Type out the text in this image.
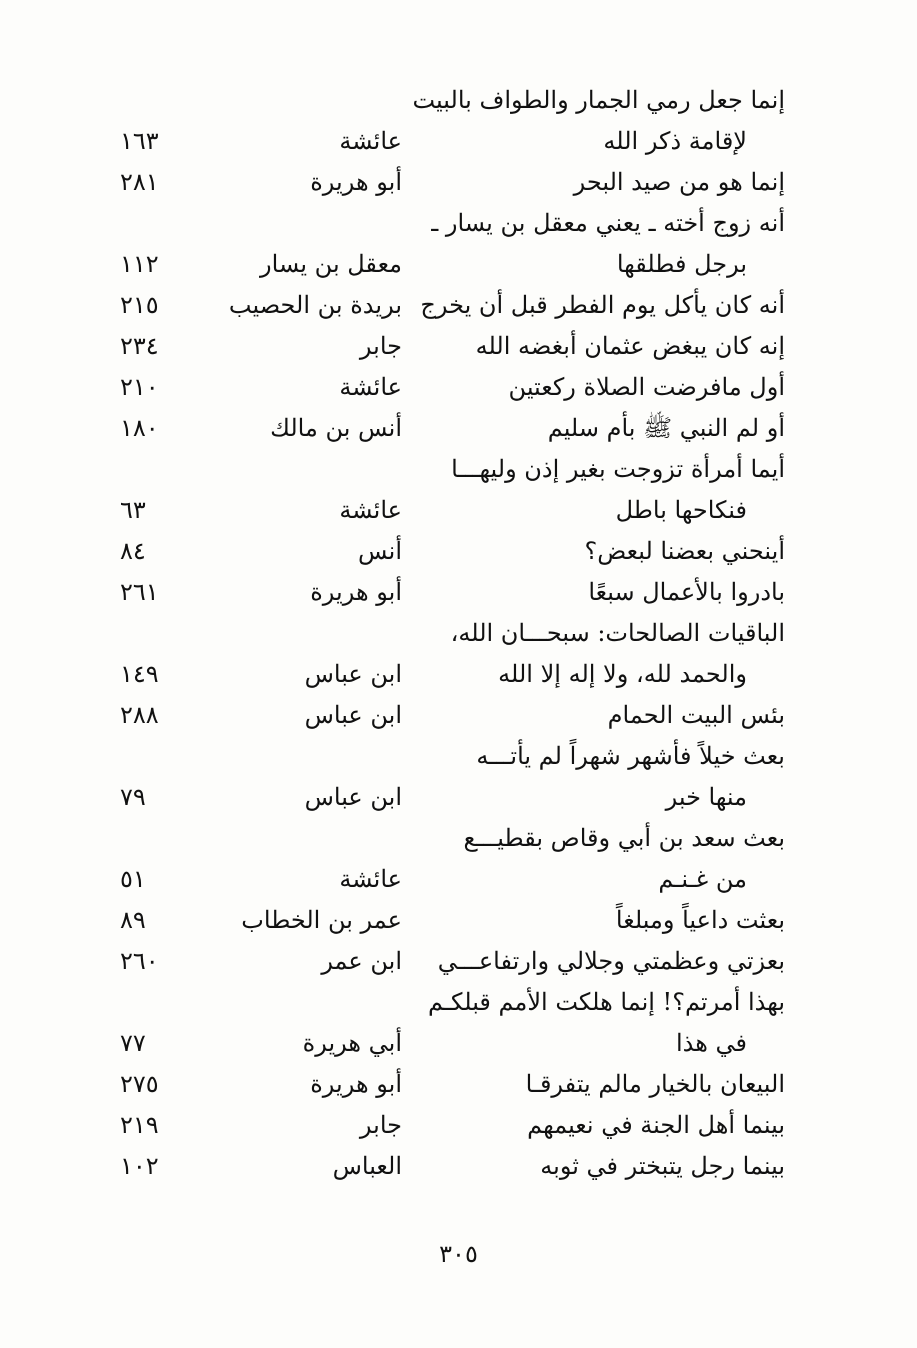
إنما جعل رمي الجمار والطواف بالبيت
لإقامة ذكر الله
عائشة
١٦٣
إنما هو من صيد البحر
أبو هريرة
٢٨١
أنه زوج أخته ـ يعني معقل بن يسار ـ
برجل فطلقها
معقل بن يسار
١١٢
أنه كان يأكل يوم الفطر قبل أن يخرج
بريدة بن الحصيب
٢١٥
إنه كان يبغض عثمان أبغضه الله
جابر
٢٣٤
أول مافرضت الصلاة ركعتين
عائشة
٢١٠
أو لم النبي ﷺ بأم سليم
أنس بن مالك
١٨٠
أيما أمرأة تزوجت بغير إذن وليهـــا
فنكاحها باطل
عائشة
٦٣
أينحني بعضنا لبعض؟
أنس
٨٤
بادروا بالأعمال سبعًا
أبو هريرة
٢٦١
الباقيات الصالحات: سبحـــان الله،
والحمد لله، ولا إله إلا الله
ابن عباس
١٤٩
بئس البيت الحمام
ابن عباس
٢٨٨
بعث خيلاً فأشهر شهراً لم يأتـــه
منها خبر
ابن عباس
٧٩
بعث سعد بن أبي وقاص بقطيـــع
من غـنـم
عائشة
٥١
بعثت داعياً ومبلغاً
عمر بن الخطاب
٨٩
بعزتي وعظمتي وجلالي وارتفاعـــي
ابن عمر
٢٦٠
بهذا أمرتم؟! إنما هلكت الأمم قبلكـم
في هذا
أبي هريرة
٧٧
البيعان بالخيار مالم يتفرقـا
أبو هريرة
٢٧٥
بينما أهل الجنة في نعيمهم
جابر
٢١٩
بينما رجل يتبختر في ثوبه
العباس
١٠٢
٣٠٥
